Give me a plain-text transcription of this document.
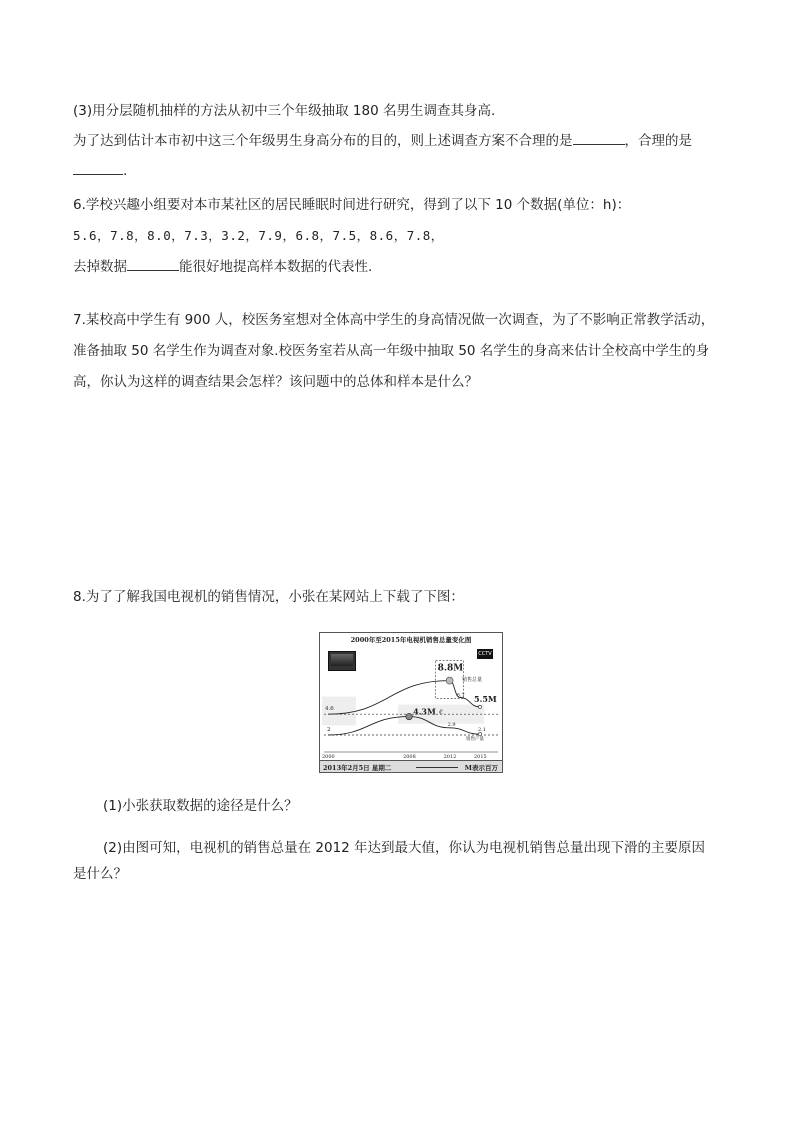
(3)用分层随机抽样的方法从初中三个年级抽取 180 名男生调查其身高.
为了达到估计本市初中这三个年级男生身高分布的目的，则上述调查方案不合理的是	，合理的是
.
6.学校兴趣小组要对本市某社区的居民睡眠时间进行研究，得到了以下 10 个数据(单位：h)：
5.6，7.8，8.0，7.3，3.2，7.9，6.8，7.5，8.6，7.8，
去掉数据	能很好地提高样本数据的代表性.
7.某校高中学生有 900 人，校医务室想对全体高中学生的身高情况做一次调查，为了不影响正常教学活动，
准备抽取 50 名学生作为调查对象.校医务室若从高一年级中抽取 50 名学生的身高来估计全校高中学生的身
高，你认为这样的调查结果会怎样？该问题中的总体和样本是什么？
8.为了了解我国电视机的销售情况，小张在某网站上下载了下图：
2000年至2015年电视机销售总量变化图
CCTV
4.6
2
8.8M
6.7 5.5M
4.3M €
2.9
2.1
销售总量
销售产量
2000	2008	2012	2015
2013年2月5日 星期二	M表示百万
(1)小张获取数据的途径是什么？
(2)由图可知，电视机的销售总量在 2012 年达到最大值，你认为电视机销售总量出现下滑的主要原因
是什么？
